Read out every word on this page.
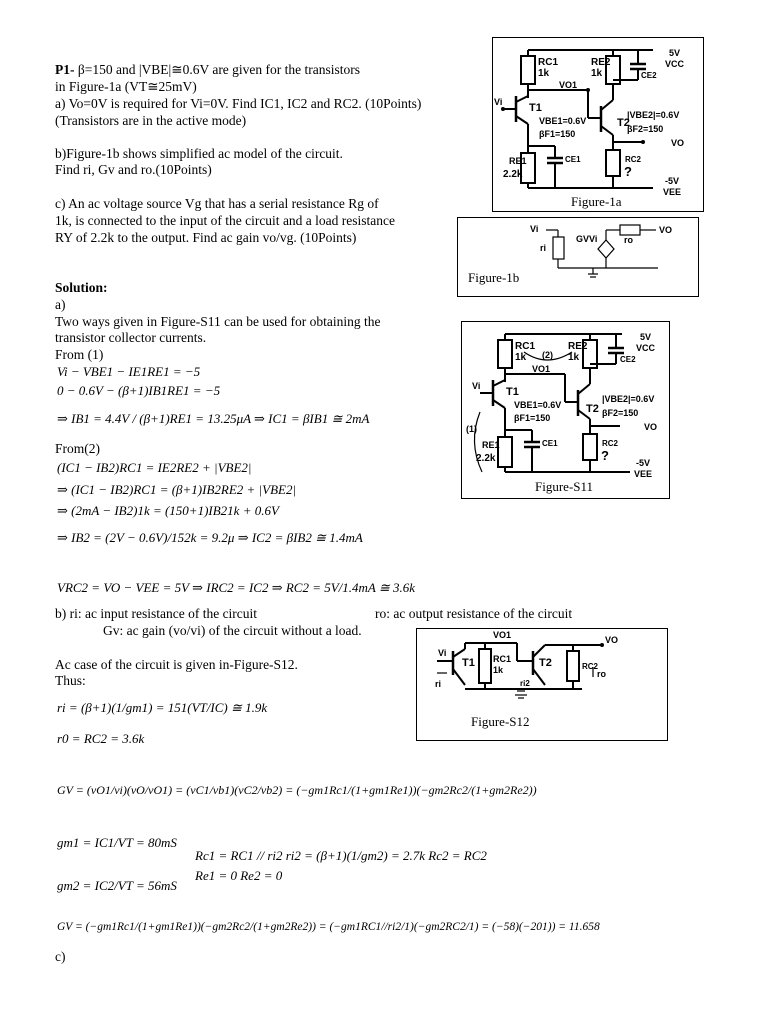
P1- β=150 and |VBE|≅0.6V are given for the transistors
in Figure-1a (VT≅25mV)
a) Vo=0V is required for Vi=0V. Find IC1, IC2 and RC2. (10Points)
(Transistors are in the active mode)
b)Figure-1b shows simplified ac model of the circuit.
Find ri, Gv and ro.(10Points)
c) An ac voltage source Vg that has a serial resistance Rg of
1k, is connected to the input of the circuit and a load resistance
RY of 2.2k to the output. Find ac gain vo/vg. (10Points)
Solution:
a)
Two ways given in Figure-S11 can be used for obtaining the
transistor collector currents.
From (1)
Vi − VBE1 − IE1RE1 = −5
0 − 0.6V − (β+1)IB1RE1 = −5
⇒ IB1 = 4.4V / (β+1)RE1 = 13.25μA ⇒ IC1 = βIB1 ≅ 2mA
From(2)
(IC1 − IB2)RC1 = IE2RE2 + |VBE2|
⇒ (IC1 − IB2)RC1 = (β+1)IB2RE2 + |VBE2|
⇒ (2mA − IB2)1k = (150+1)IB21k + 0.6V
⇒ IB2 = (2V − 0.6V)/152k = 9.2μ ⇒ IC2 = βIB2 ≅ 1.4mA
VRC2 = VO − VEE = 5V ⇒ IRC2 = IC2 ⇒ RC2 = 5V/1.4mA ≅ 3.6k
b) ri: ac input resistance of the circuit	ro: ac output resistance of the circuit
Gv: ac gain (vo/vi) of the circuit without a load.
Ac case of the circuit is given in-Figure-S12.
Thus:
ri = (β+1)(1/gm1) = 151(VT/IC) ≅ 1.9k
r0 = RC2 = 3.6k
GV = (vO1/vi)(vO/vO1) = (vC1/vb1)(vC2/vb2) = (−gm1Rc1/(1+gm1Re1))(−gm2Rc2/(1+gm2Re2))
gm1 = IC1/VT = 80mS
Rc1 = RC1 // ri2 ri2 = (β+1)(1/gm2) = 2.7k Rc2 = RC2
Re1 = 0 Re2 = 0
gm2 = IC2/VT = 56mS
GV = (−gm1Rc1/(1+gm1Re1))(−gm2Rc2/(1+gm2Re2)) = (−gm1RC1//ri2/1)(−gm2RC2/1) = (−58)(−201)) = 11.658
c)
RC1
1k
RE2
1k	CE2
5V
VCC
VO1
Vi T1
VBE1=0.6V
βF1=150
|VBE2|=0.6V
T2
βF2=150
VO
RE1
2.2k
CE1	RC2
?
-5V
VEE
Figure-1a
Vi
ri
GVVi	ro
VO
Figure-1b
(1)
(2)
RC1
1k
RE2
1k	CE2
5V
VCC
VO1
Vi T1
VBE1=0.6V
βF1=150
|VBE2|=0.6V
T2 βF2=150
VO
RE1
2.2k
CE1	RC2
?	-5V
VEE
Figure-S11
VO1
Vi
T1 RC1
1k
T2
ri2
RC2
ro
ri
VO
Figure-S12
